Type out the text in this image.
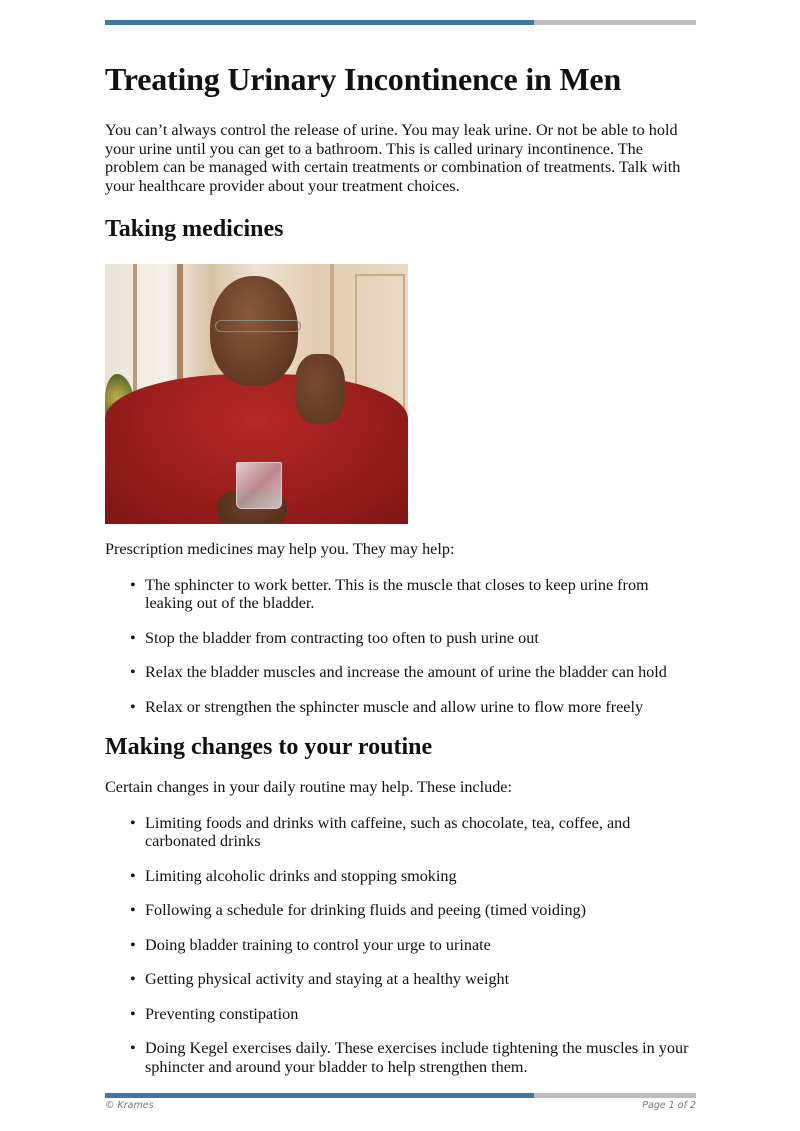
Treating Urinary Incontinence in Men

You can’t always control the release of urine. You may leak urine. Or not be able to hold your urine until you can get to a bathroom. This is called urinary incontinence. The problem can be managed with certain treatments or combination of treatments. Talk with your healthcare provider about your treatment choices.

Taking medicines

Prescription medicines may help you. They may help:

• The sphincter to work better. This is the muscle that closes to keep urine from leaking out of the bladder.
• Stop the bladder from contracting too often to push urine out
• Relax the bladder muscles and increase the amount of urine the bladder can hold
• Relax or strengthen the sphincter muscle and allow urine to flow more freely
Making changes to your routine

Certain changes in your daily routine may help. These include:

• Limiting foods and drinks with caffeine, such as chocolate, tea, coffee, and carbonated drinks
• Limiting alcoholic drinks and stopping smoking
• Following a schedule for drinking fluids and peeing (timed voiding)
• Doing bladder training to control your urge to urinate
• Getting physical activity and staying at a healthy weight
• Preventing constipation
• Doing Kegel exercises daily. These exercises include tightening the muscles in your sphincter and around your bladder to help strengthen them.
© Krames	Page 1 of 2
